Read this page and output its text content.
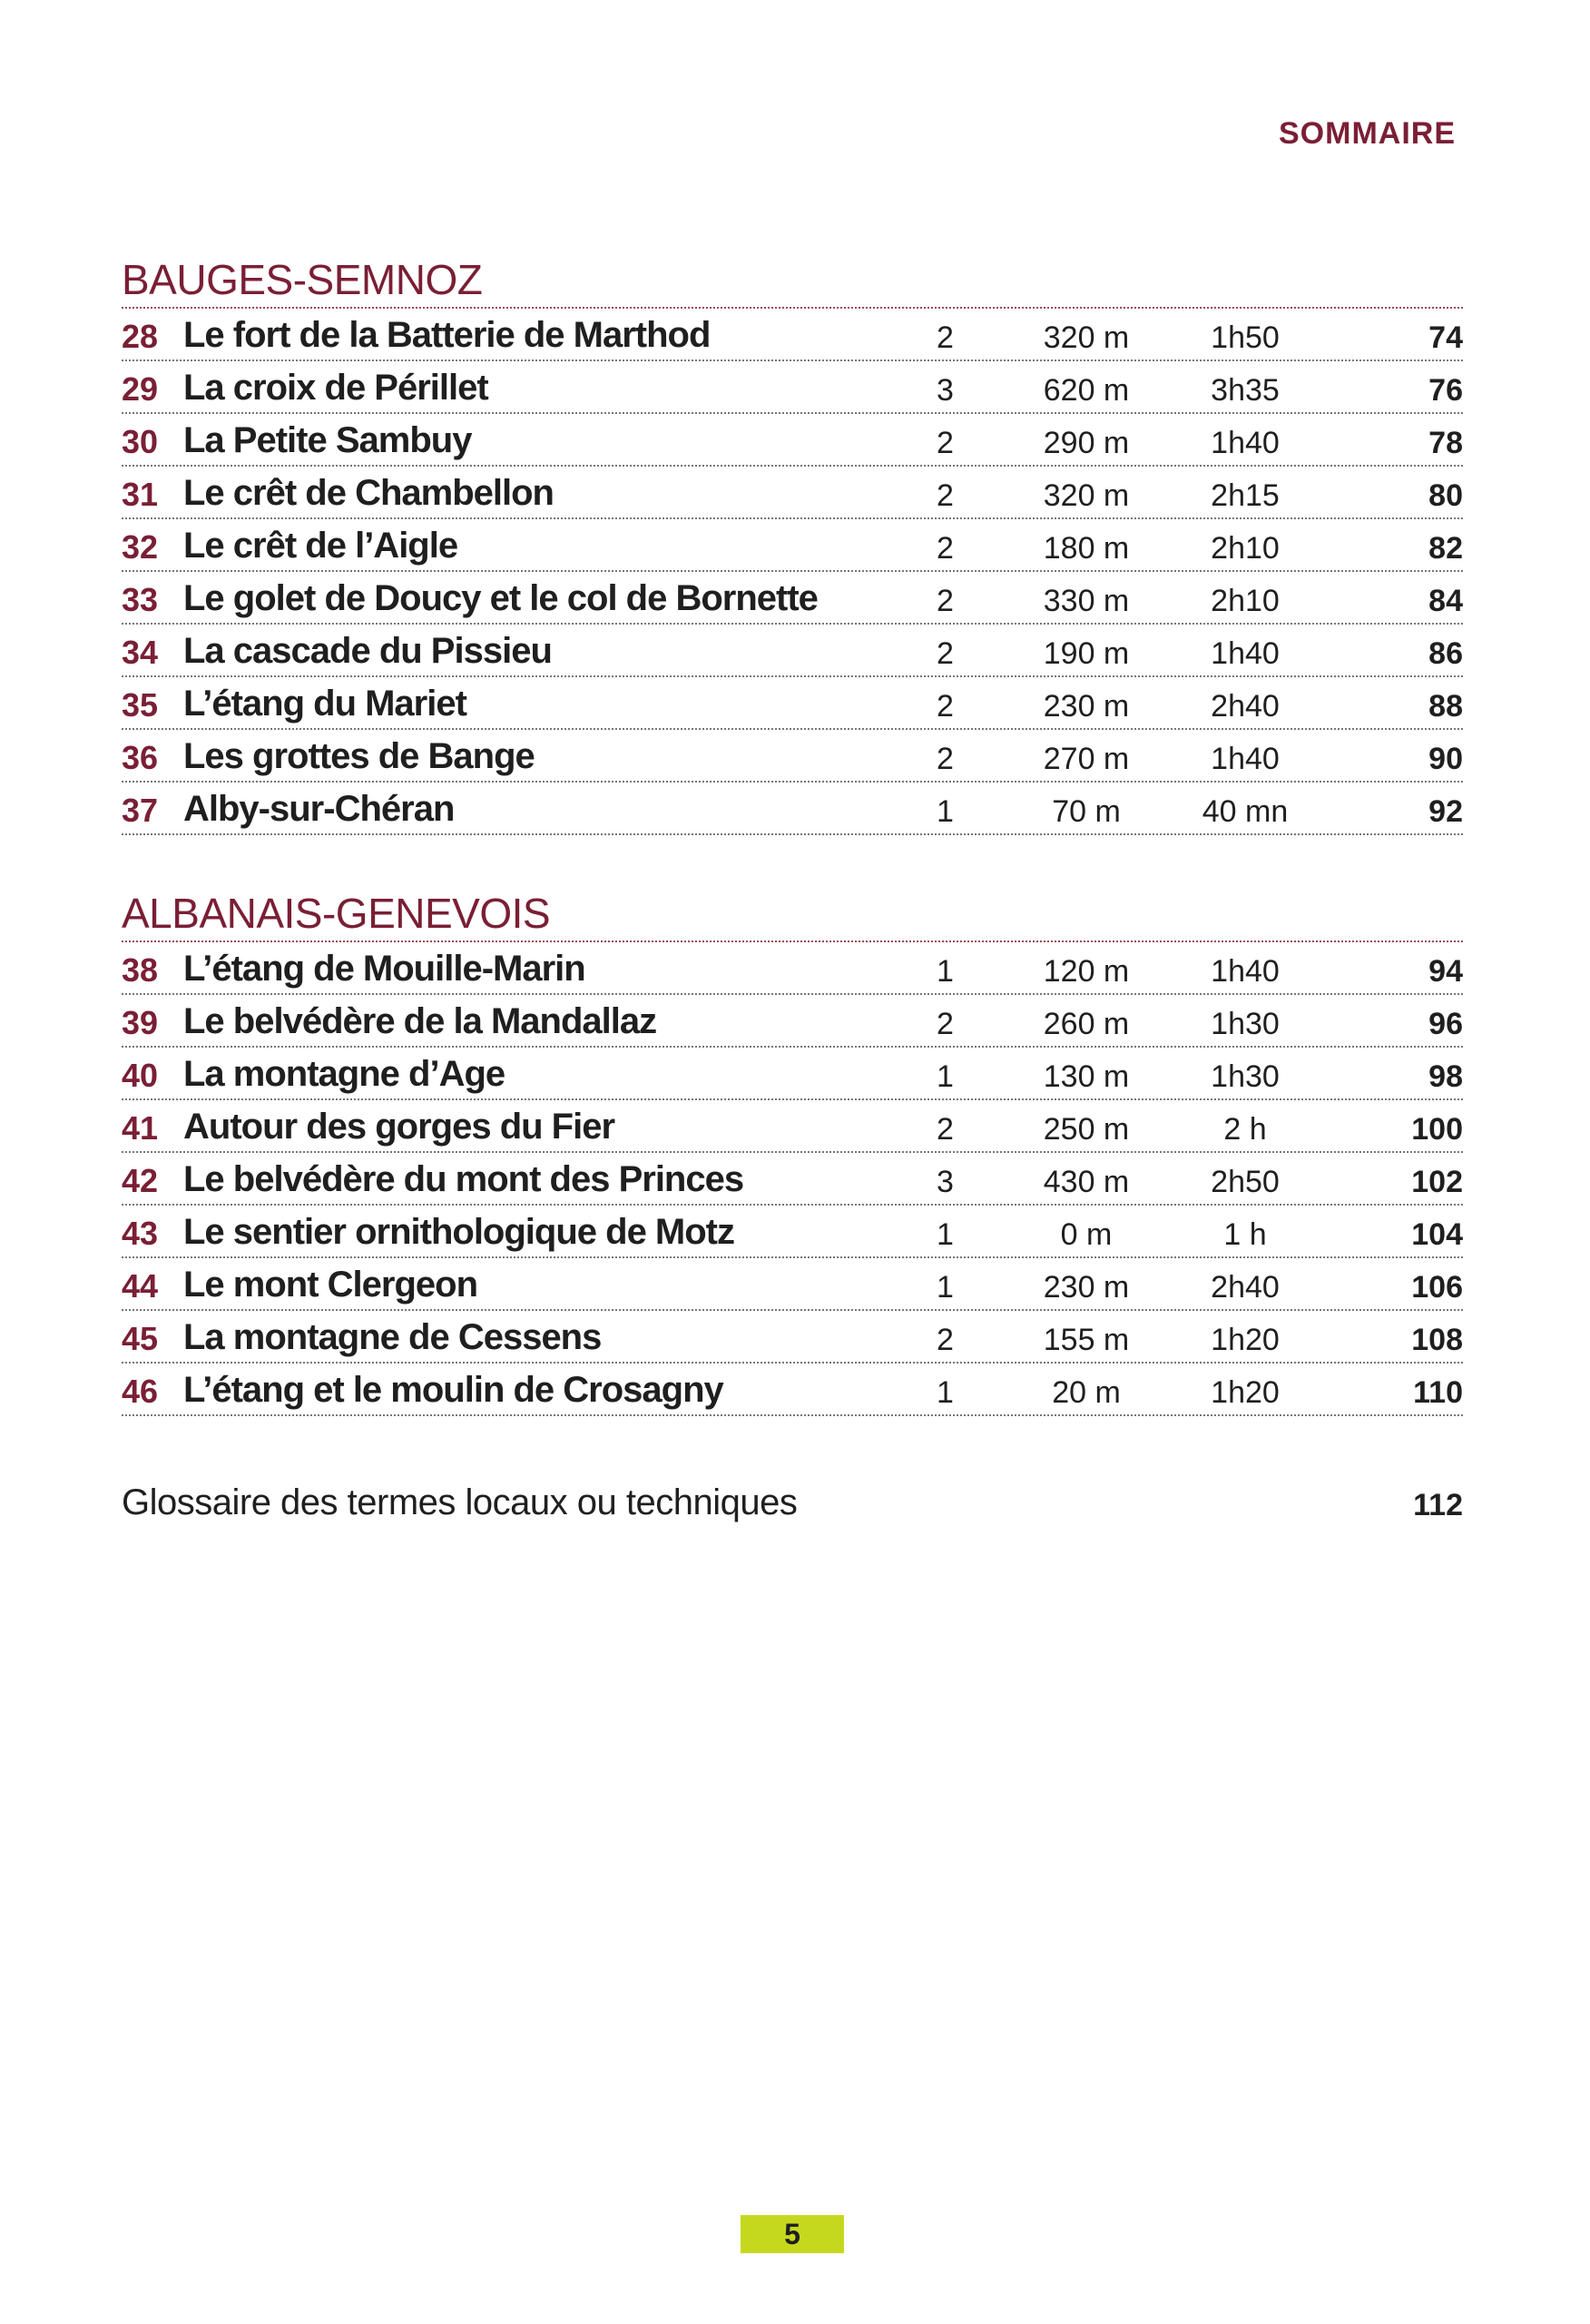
SOMMAIRE
BAUGES-SEMNOZ
28 Le fort de la Batterie de Marthod	2	320 m	1h50	74
29 La croix de Périllet	3	620 m	3h35	76
30 La Petite Sambuy	2	290 m	1h40	78
31 Le crêt de Chambellon	2	320 m	2h15	80
32 Le crêt de l’Aigle	2	180 m	2h10	82
33 Le golet de Doucy et le col de Bornette	2	330 m	2h10	84
34 La cascade du Pissieu	2	190 m	1h40	86
35 L’étang du Mariet	2	230 m	2h40	88
36 Les grottes de Bange	2	270 m	1h40	90
37 Alby-sur-Chéran	1	70 m	40 mn	92
ALBANAIS-GENEVOIS
38 L’étang de Mouille-Marin	1	120 m	1h40	94
39 Le belvédère de la Mandallaz	2	260 m	1h30	96
40 La montagne d’Age	1	130 m	1h30	98
41 Autour des gorges du Fier	2	250 m	2 h	100
42 Le belvédère du mont des Princes	3	430 m	2h50	102
43 Le sentier ornithologique de Motz	1	0 m	1 h	104
44 Le mont Clergeon	1	230 m	2h40	106
45 La montagne de Cessens	2	155 m	1h20	108
46 L’étang et le moulin de Crosagny	1	20 m	1h20	110
Glossaire des termes locaux ou techniques	112
5
